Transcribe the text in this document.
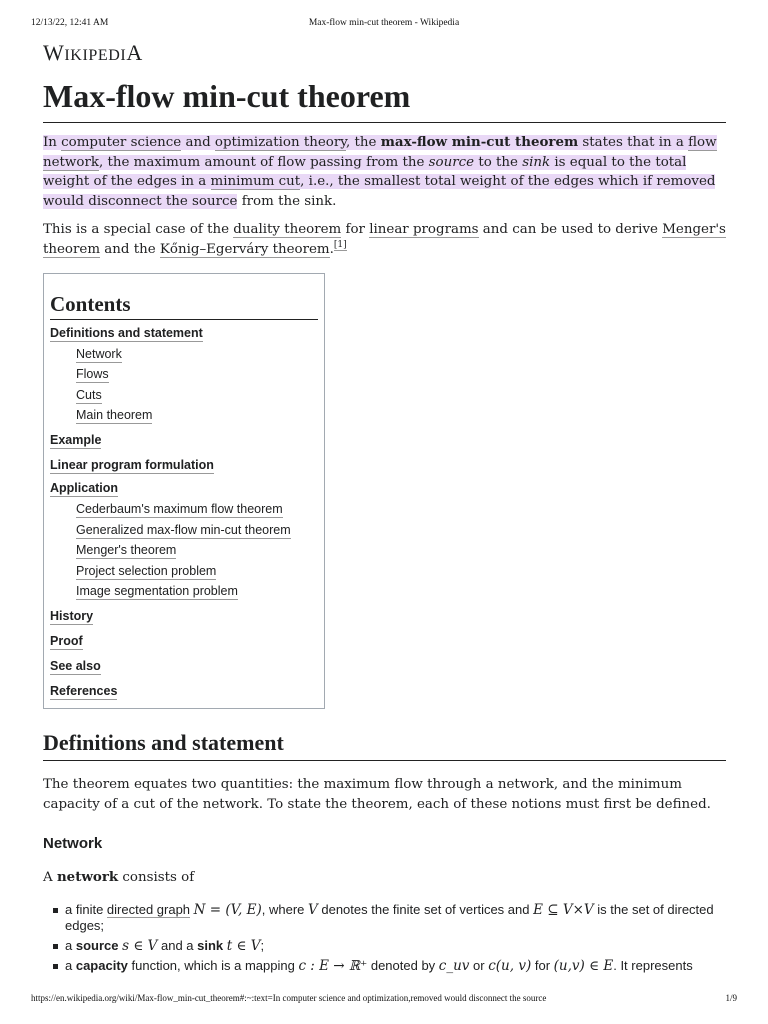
12/13/22, 12:41 AM	Max-flow min-cut theorem - Wikipedia
WIKIPEDIA
Max-flow min-cut theorem

In computer science and optimization theory, the max-flow min-cut theorem states that in a flow network, the maximum amount of flow passing from the source to the sink is equal to the total weight of the edges in a minimum cut, i.e., the smallest total weight of the edges which if removed would disconnect the source from the sink.

This is a special case of the duality theorem for linear programs and can be used to derive Menger's theorem and the Kőnig–Egerváry theorem.[1]

Contents
Definitions and statement
Network
Flows
Cuts
Main theorem
Example
Linear program formulation
Application
Cederbaum's maximum flow theorem
Generalized max-flow min-cut theorem
Menger's theorem
Project selection problem
Image segmentation problem
History
Proof
See also
References
Definitions and statement

The theorem equates two quantities: the maximum flow through a network, and the minimum capacity of a cut of the network. To state the theorem, each of these notions must first be defined.

Network

A network consists of

a finite directed graph N = (V, E), where V denotes the finite set of vertices and E ⊆ V×V is the set of directed edges;
a source s ∈ V and a sink t ∈ V;
a capacity function, which is a mapping c : E → ℝ⁺ denoted by c_uv or c(u, v) for (u,v) ∈ E. It represents
https://en.wikipedia.org/wiki/Max-flow_min-cut_theorem#:~:text=In computer science and optimization,removed would disconnect the source	1/9
